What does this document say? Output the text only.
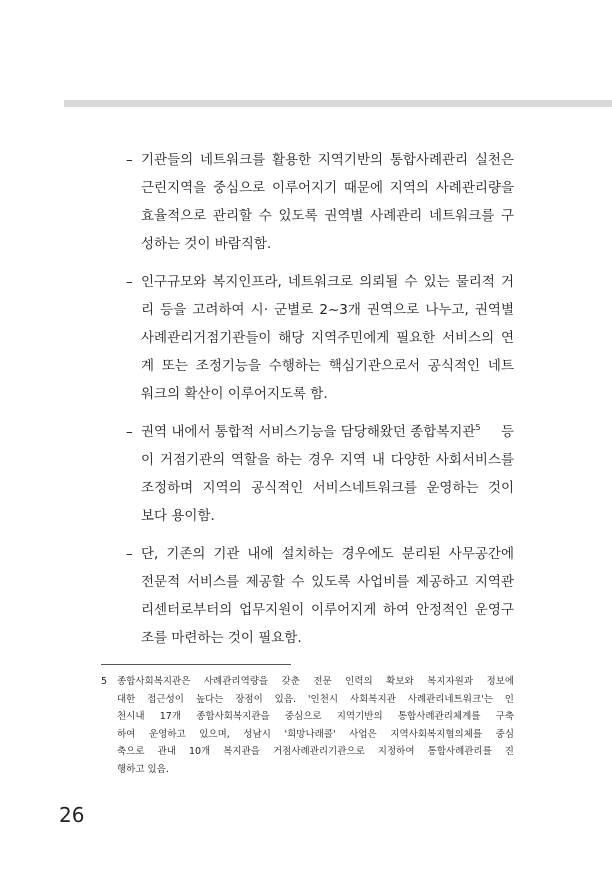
– 기관들의 네트워크를 활용한 지역기반의 통합사례관리 실천은
근린지역을 중심으로 이루어지기 때문에 지역의 사례관리량을
효율적으로 관리할 수 있도록 권역별 사례관리 네트워크를 구
성하는 것이 바람직함.
– 인구규모와 복지인프라, 네트워크로 의뢰될 수 있는 물리적 거
리 등을 고려하여 시· 군별로 2~3개 권역으로 나누고, 권역별
사례관리거점기관들이 해당 지역주민에게 필요한 서비스의 연
계 또는 조정기능을 수행하는 핵심기관으로서 공식적인 네트
워크의 확산이 이루어지도록 함.
– 권역 내에서 통합적 서비스기능을 담당해왔던 종합복지관$^5$ 등
이 거점기관의 역할을 하는 경우 지역 내 다양한 사회서비스를
조정하며 지역의 공식적인 서비스네트워크를 운영하는 것이
보다 용이함.
– 단, 기존의 기관 내에 설치하는 경우에도 분리된 사무공간에
전문적 서비스를 제공할 수 있도록 사업비를 제공하고 지역관
리센터로부터의 업무지원이 이루어지게 하여 안정적인 운영구
조를 마련하는 것이 필요함.
5 종합사회복지관은 사례관리역량을 갖춘 전문 인력의 확보와 복지자원과 정보에
대한 접근성이 높다는 장점이 있음. '인천시 사회복지관 사례관리네트워크'는 인
천시내 17개 종합사회복지관을 중심으로 지역기반의 통합사례관리체계를 구축
하여 운영하고 있으며, 성남시 '희망나래콜' 사업은 지역사회복지협의체를 중심
축으로 관내 10개 복지관을 거점사례관리기관으로 지정하여 통합사례관리를 진
행하고 있음.
26
